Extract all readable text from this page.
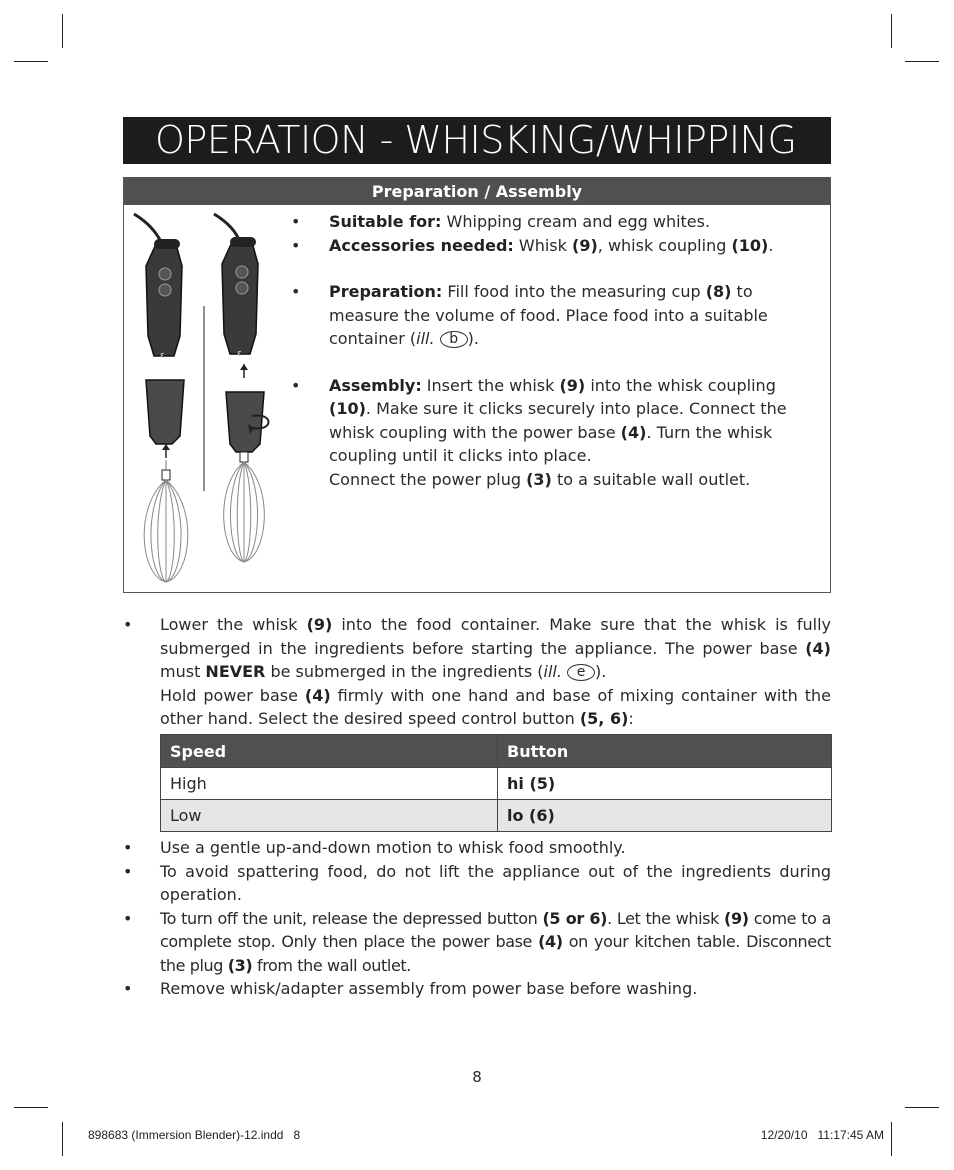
OPERATION - WHISKING/WHIPPING
Preparation / Assembly
ε	ε
• Suitable for: Whipping cream and egg whites.
• Accessories needed: Whisk (9), whisk coupling (10).
• Preparation: Fill food into the measuring cup (8) to measure the volume of food. Place food into a suitable container (ill. b ).
• Assembly: Insert the whisk (9) into the whisk coupling (10). Make sure it clicks securely into place. Connect the whisk coupling with the power base (4). Turn the whisk coupling until it clicks into place.
Connect the power plug (3) to a suitable wall outlet.
• Lower the whisk (9) into the food container. Make sure that the whisk is fully submerged in the ingredients before starting the appliance. The power base (4) must NEVER be submerged in the ingredients (ill. e ).
Hold power base (4) firmly with one hand and base of mixing container with the other hand. Select the desired speed control button (5, 6):
Speed	Button
High	hi (5)
Low	lo (6)
• Use a gentle up-and-down motion to whisk food smoothly.
• To avoid spattering food, do not lift the appliance out of the ingredients during operation.
• To turn off the unit, release the depressed button (5 or 6). Let the whisk (9) come to a complete stop. Only then place the power base (4) on your kitchen table. Disconnect the plug (3) from the wall outlet.
• Remove whisk/adapter assembly from power base before washing.
8
898683 (Immersion Blender)-12.indd   8	12/20/10   11:17:45 AM
